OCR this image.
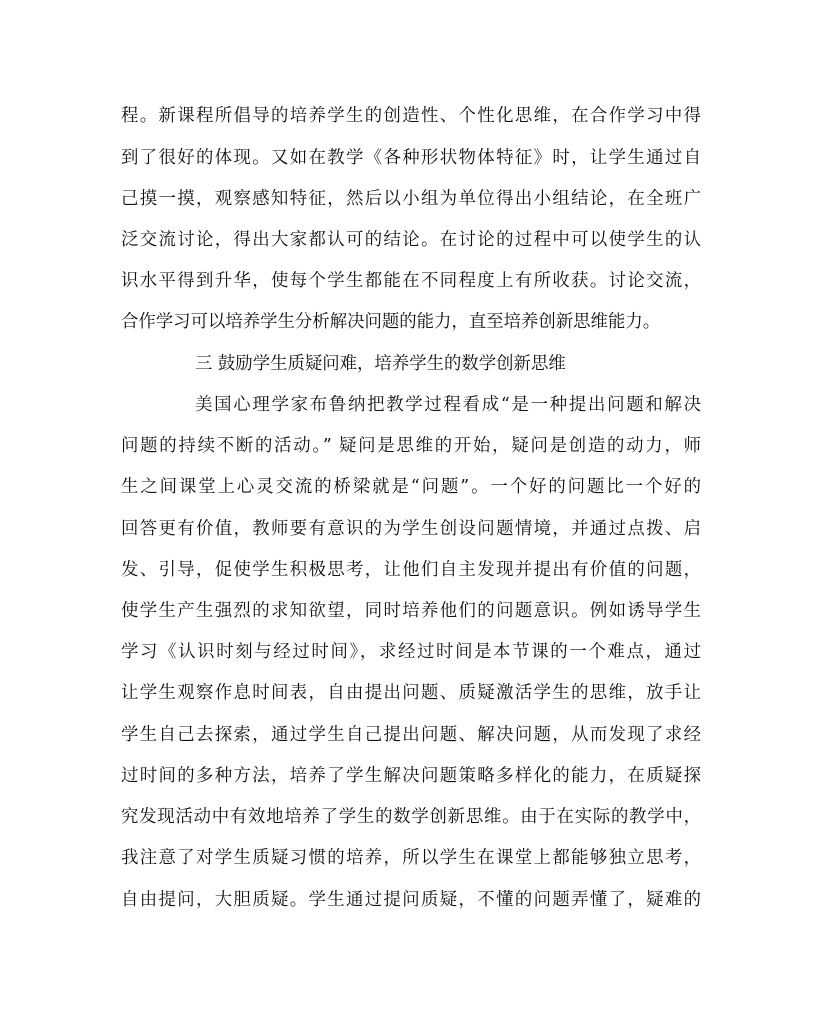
程。新课程所倡导的培养学生的创造性、个性化思维，在合作学习中得
到了很好的体现。又如在教学《各种形状物体特征》时，让学生通过自
己摸一摸，观察感知特征，然后以小组为单位得出小组结论，在全班广
泛交流讨论，得出大家都认可的结论。在讨论的过程中可以使学生的认
识水平得到升华，使每个学生都能在不同程度上有所收获。讨论交流，
合作学习可以培养学生分析解决问题的能力，直至培养创新思维能力。
三 鼓励学生质疑问难，培养学生的数学创新思维
美国心理学家布鲁纳把教学过程看成“是一种提出问题和解决
问题的持续不断的活动。” 疑问是思维的开始，疑问是创造的动力，师
生之间课堂上心灵交流的桥梁就是“问题”。一个好的问题比一个好的
回答更有价值，教师要有意识的为学生创设问题情境，并通过点拨、启
发、引导，促使学生积极思考，让他们自主发现并提出有价值的问题，
使学生产生强烈的求知欲望，同时培养他们的问题意识。例如诱导学生
学习《认识时刻与经过时间》，求经过时间是本节课的一个难点，通过
让学生观察作息时间表，自由提出问题、质疑激活学生的思维，放手让
学生自己去探索，通过学生自己提出问题、解决问题，从而发现了求经
过时间的多种方法，培养了学生解决问题策略多样化的能力，在质疑探
究发现活动中有效地培养了学生的数学创新思维。由于在实际的教学中，
我注意了对学生质疑习惯的培养，所以学生在课堂上都能够独立思考，
自由提问，大胆质疑。学生通过提问质疑，不懂的问题弄懂了，疑难的
